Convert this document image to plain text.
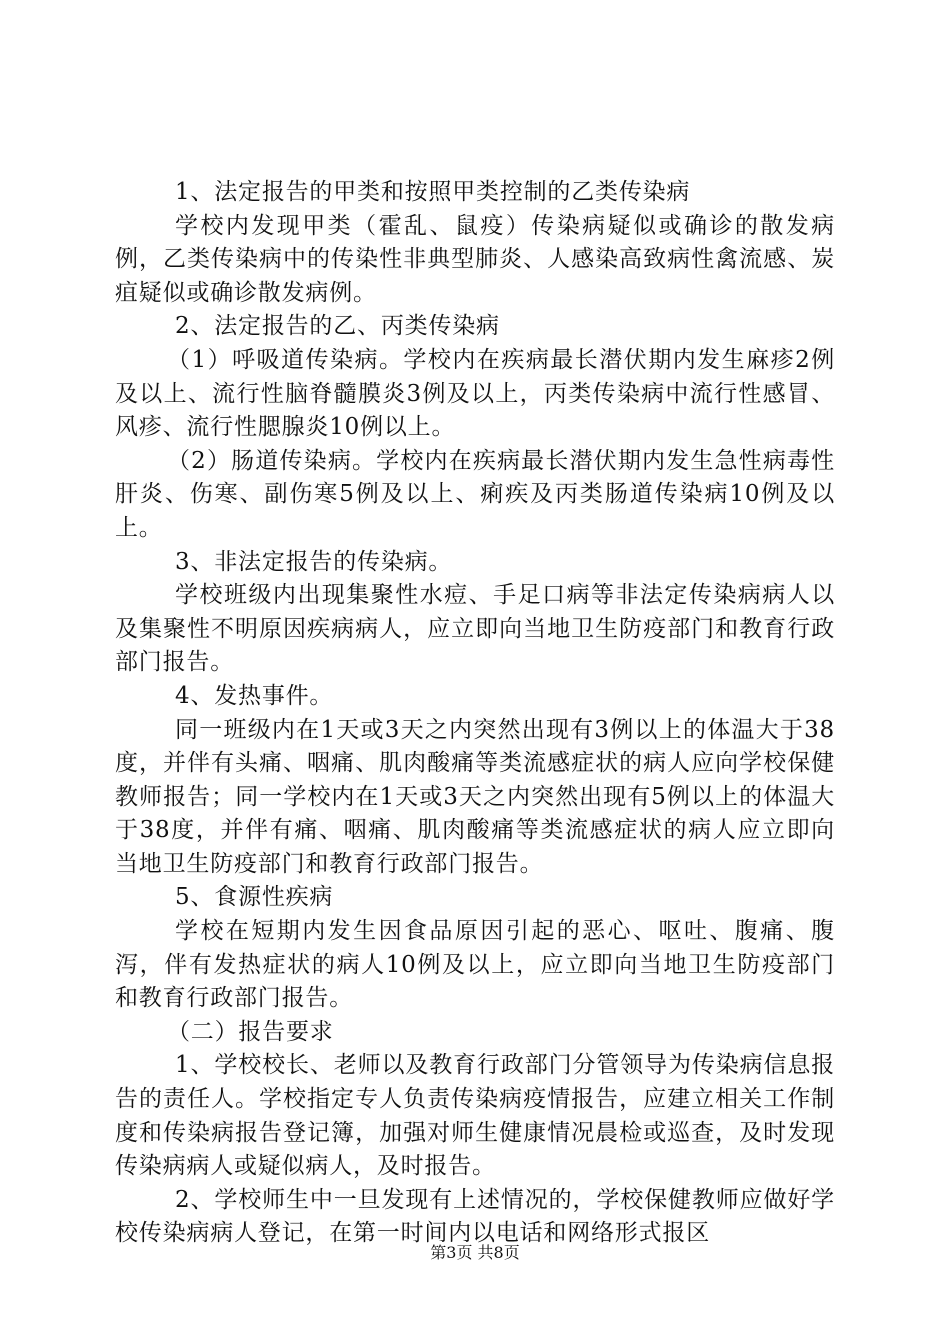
1、法定报告的甲类和按照甲类控制的乙类传染病

学校内发现甲类（霍乱、鼠疫）传染病疑似或确诊的散发病例，乙类传染病中的传染性非典型肺炎、人感染高致病性禽流感、炭疽疑似或确诊散发病例。

2、法定报告的乙、丙类传染病

（1）呼吸道传染病。学校内在疾病最长潜伏期内发生麻疹2例及以上、流行性脑脊髓膜炎3例及以上，丙类传染病中流行性感冒、风疹、流行性腮腺炎10例以上。

（2）肠道传染病。学校内在疾病最长潜伏期内发生急性病毒性肝炎、伤寒、副伤寒5例及以上、痢疾及丙类肠道传染病10例及以上。

3、非法定报告的传染病。

学校班级内出现集聚性水痘、手足口病等非法定传染病病人以及集聚性不明原因疾病病人，应立即向当地卫生防疫部门和教育行政部门报告。

4、发热事件。

同一班级内在1天或3天之内突然出现有3例以上的体温大于38度，并伴有头痛、咽痛、肌肉酸痛等类流感症状的病人应向学校保健教师报告；同一学校内在1天或3天之内突然出现有5例以上的体温大于38度，并伴有痛、咽痛、肌肉酸痛等类流感症状的病人应立即向当地卫生防疫部门和教育行政部门报告。

5、食源性疾病

学校在短期内发生因食品原因引起的恶心、呕吐、腹痛、腹泻，伴有发热症状的病人10例及以上，应立即向当地卫生防疫部门和教育行政部门报告。

（二）报告要求

1、学校校长、老师以及教育行政部门分管领导为传染病信息报告的责任人。学校指定专人负责传染病疫情报告，应建立相关工作制度和传染病报告登记簿，加强对师生健康情况晨检或巡查，及时发现传染病病人或疑似病人，及时报告。

2、学校师生中一旦发现有上述情况的，学校保健教师应做好学校传染病病人登记，在第一时间内以电话和网络形式报区

第3页 共8页
